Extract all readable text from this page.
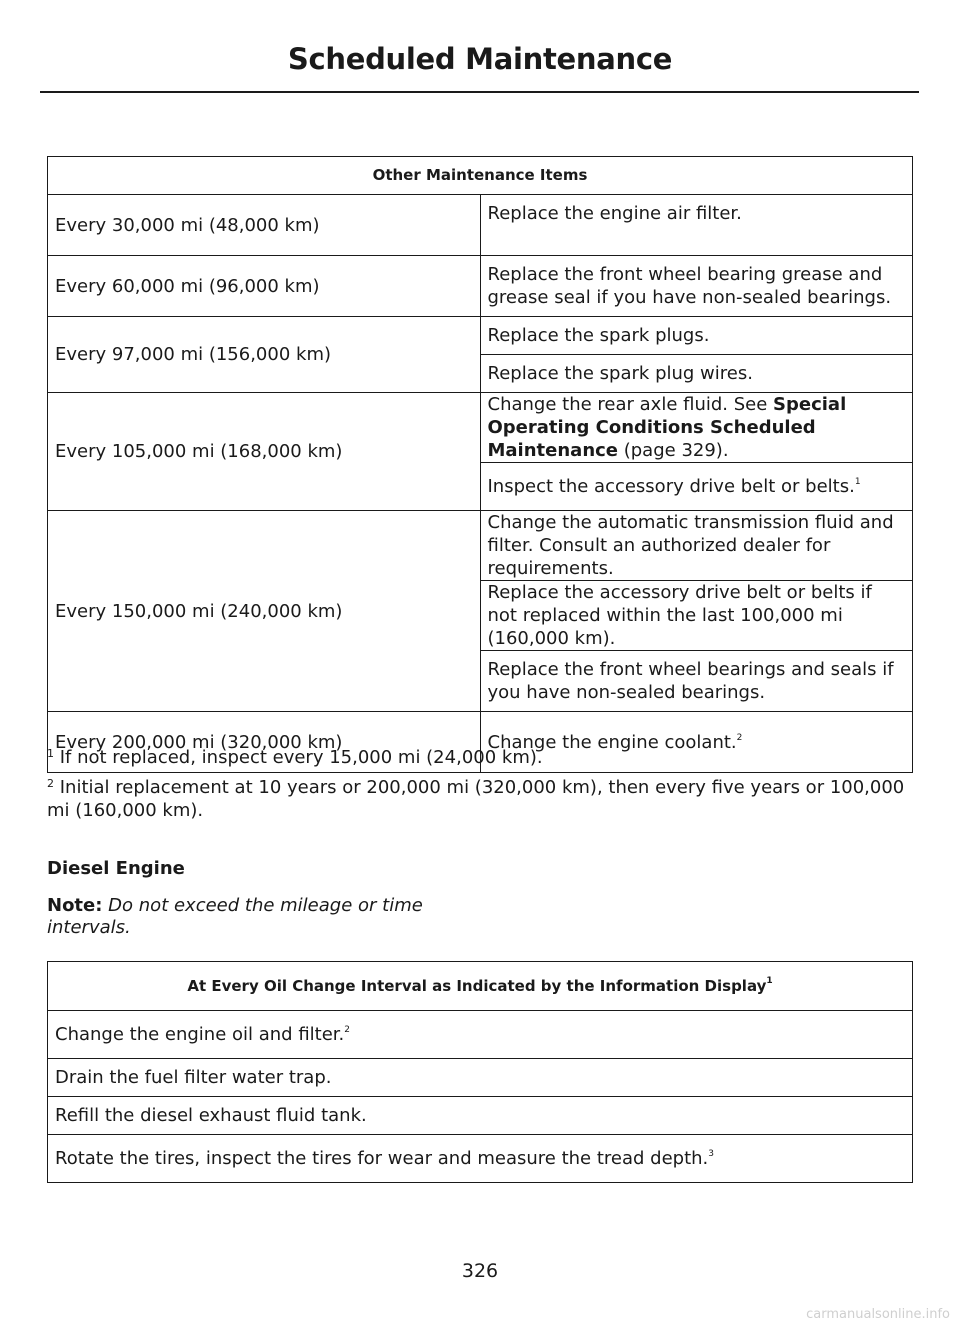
Scheduled Maintenance
Other Maintenance Items	
Every 30,000 mi (48,000 km)	Replace the engine air filter.
Every 60,000 mi (96,000 km)	Replace the front wheel bearing grease and grease seal if you have non-sealed bearings.
Every 97,000 mi (156,000 km)	Replace the spark plugs.
	Replace the spark plug wires.
Every 105,000 mi (168,000 km)	Change the rear axle fluid. See Special Operating Conditions Scheduled Maintenance (page 329).
	Inspect the accessory drive belt or belts.$^1$
Every 150,000 mi (240,000 km)	Change the automatic transmission fluid and filter. Consult an authorized dealer for requirements.
	Replace the accessory drive belt or belts if not replaced within the last 100,000 mi (160,000 km).
	Replace the front wheel bearings and seals if you have non-sealed bearings.
Every 200,000 mi (320,000 km)	Change the engine coolant.$^2$
$^1$ If not replaced, inspect every 15,000 mi (24,000 km).
$^2$ Initial replacement at 10 years or 200,000 mi (320,000 km), then every five years or 100,000 mi (160,000 km).
Diesel Engine
Note: Do not exceed the mileage or time intervals.
At Every Oil Change Interval as Indicated by the Information Display$^1$
Change the engine oil and filter.$^2$
Drain the fuel filter water trap.
Refill the diesel exhaust fluid tank.
Rotate the tires, inspect the tires for wear and measure the tread depth.$^3$
326
carmanualsonline.info
